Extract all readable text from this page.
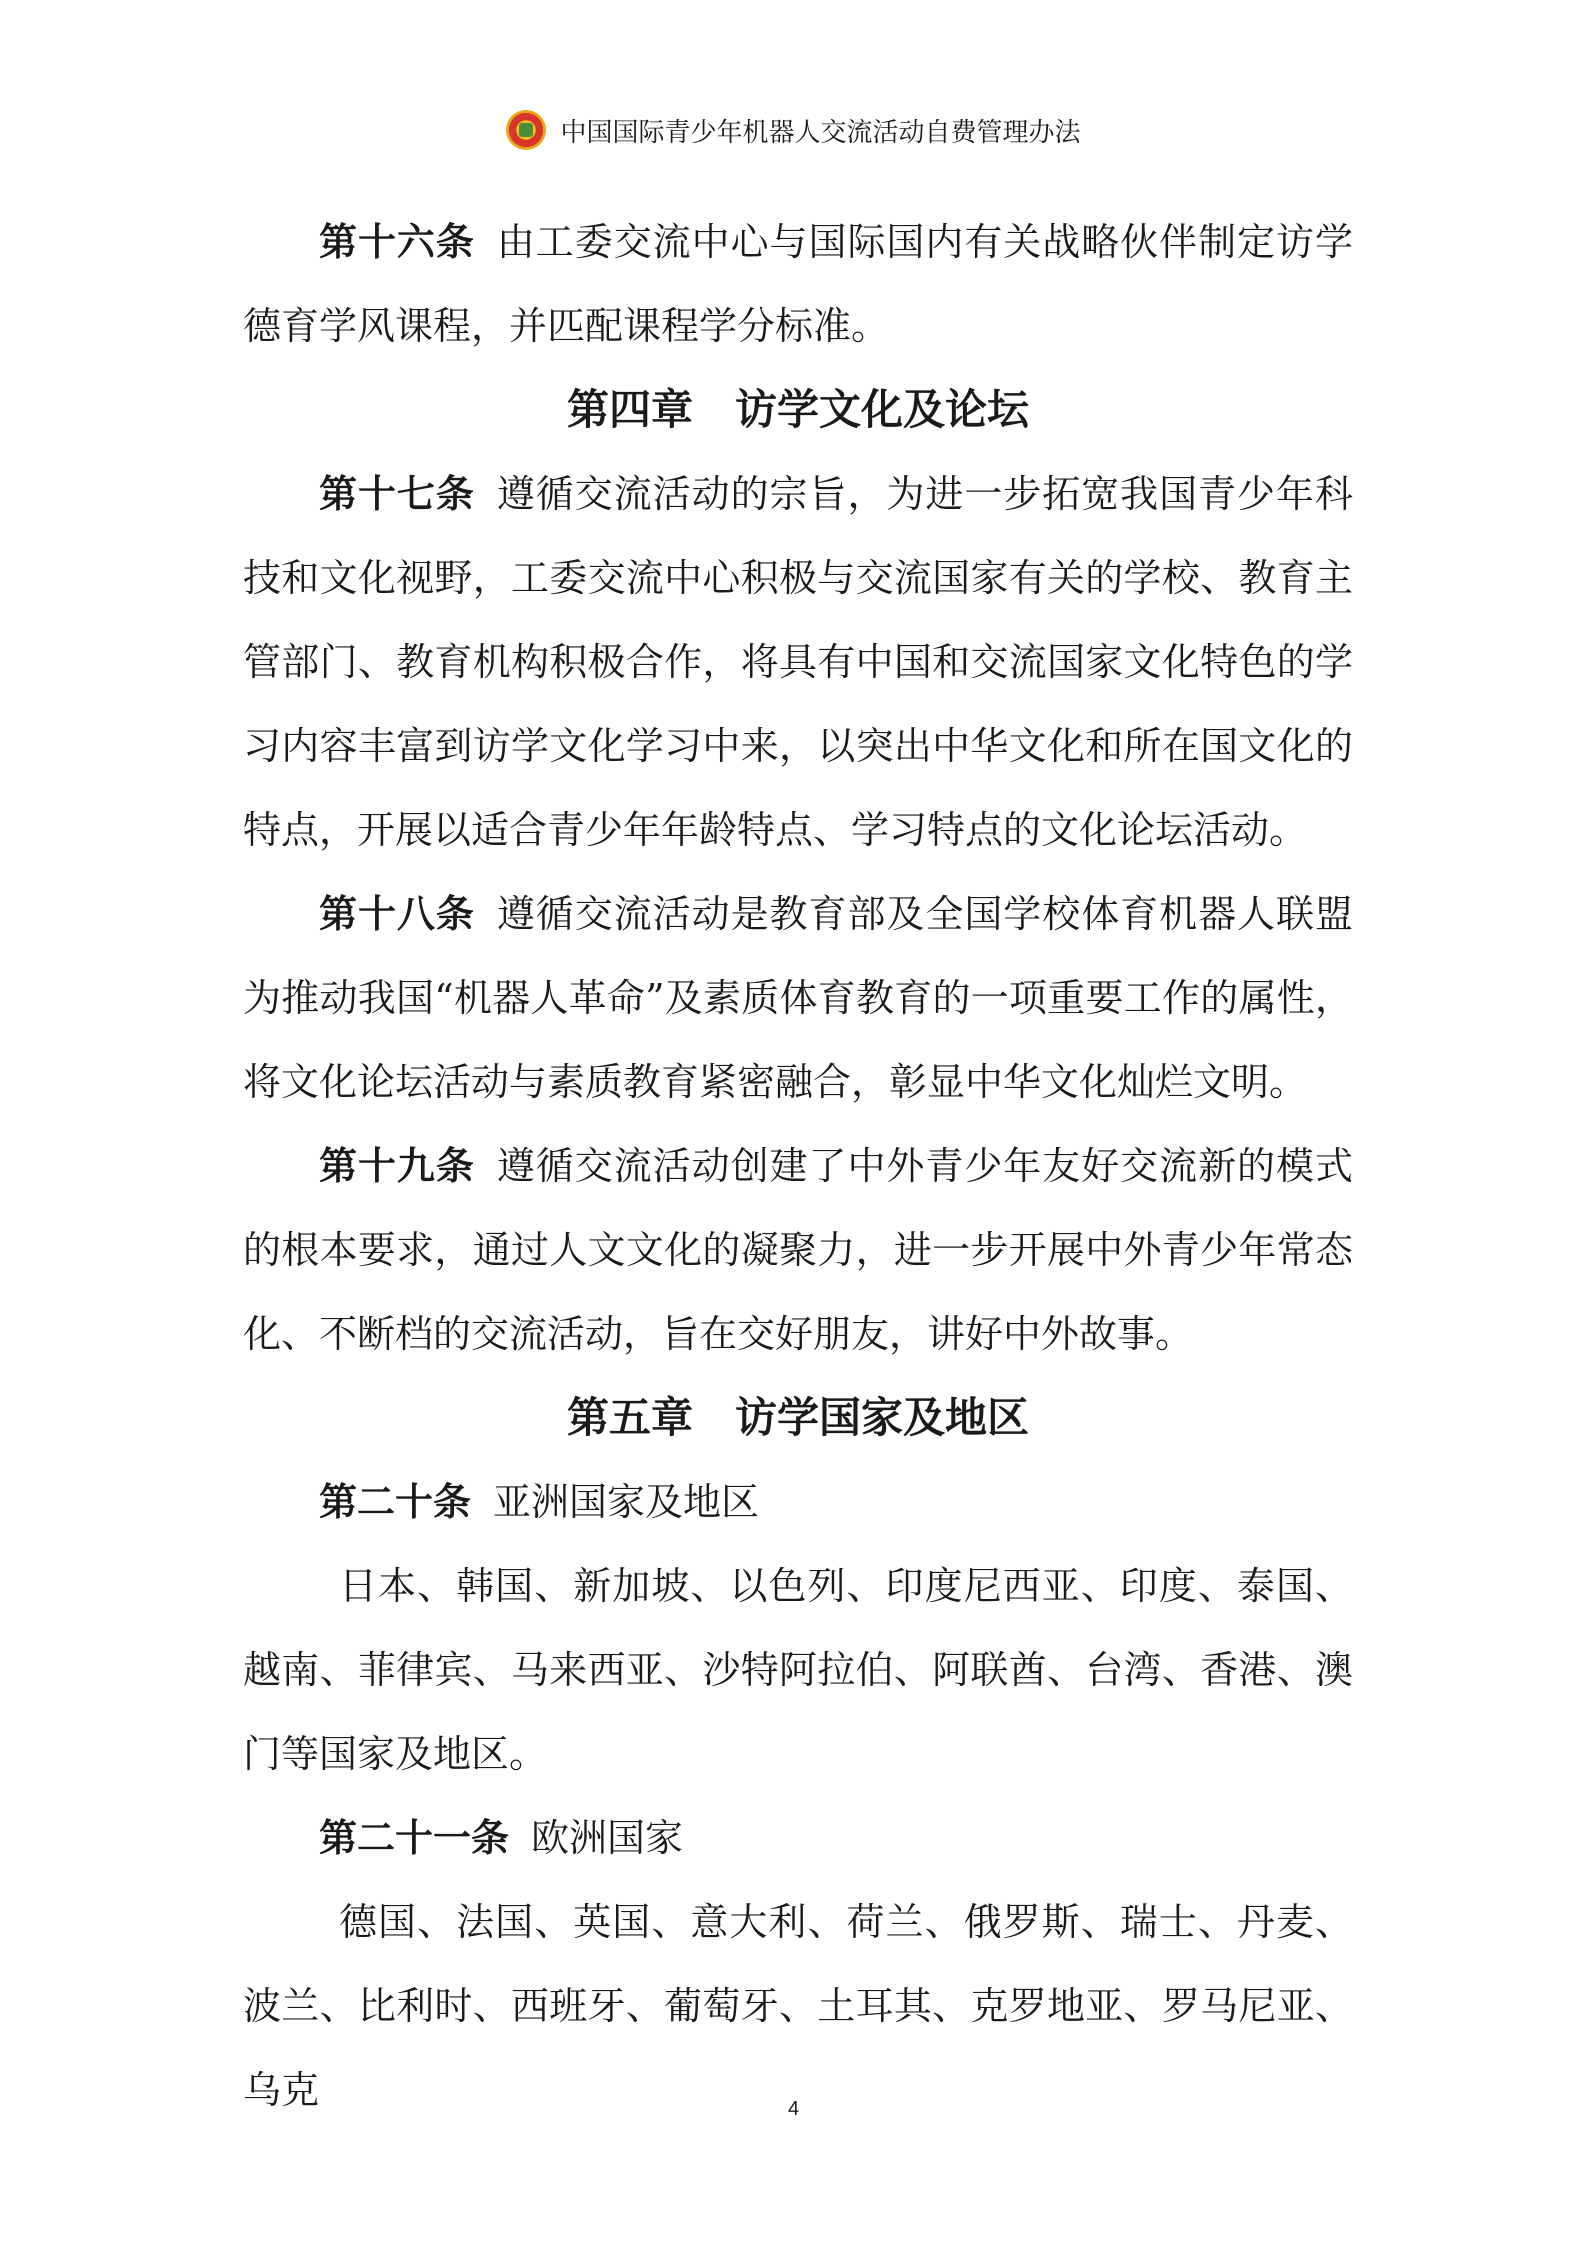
中国国际青少年机器人交流活动自费管理办法

第十六条 由工委交流中心与国际国内有关战略伙伴制定访学德育学风课程，并匹配课程学分标准。

第四章　访学文化及论坛

第十七条 遵循交流活动的宗旨，为进一步拓宽我国青少年科技和文化视野，工委交流中心积极与交流国家有关的学校、教育主管部门、教育机构积极合作，将具有中国和交流国家文化特色的学习内容丰富到访学文化学习中来，以突出中华文化和所在国文化的特点，开展以适合青少年年龄特点、学习特点的文化论坛活动。

第十八条 遵循交流活动是教育部及全国学校体育机器人联盟为推动我国“机器人革命”及素质体育教育的一项重要工作的属性，将文化论坛活动与素质教育紧密融合，彰显中华文化灿烂文明。

第十九条 遵循交流活动创建了中外青少年友好交流新的模式的根本要求，通过人文文化的凝聚力，进一步开展中外青少年常态化、不断档的交流活动，旨在交好朋友，讲好中外故事。

第五章　访学国家及地区

第二十条 亚洲国家及地区

日本、韩国、新加坡、以色列、印度尼西亚、印度、泰国、越南、菲律宾、马来西亚、沙特阿拉伯、阿联酋、台湾、香港、澳门等国家及地区。

第二十一条 欧洲国家

德国、法国、英国、意大利、荷兰、俄罗斯、瑞士、丹麦、波兰、比利时、西班牙、葡萄牙、土耳其、克罗地亚、罗马尼亚、乌克	4
